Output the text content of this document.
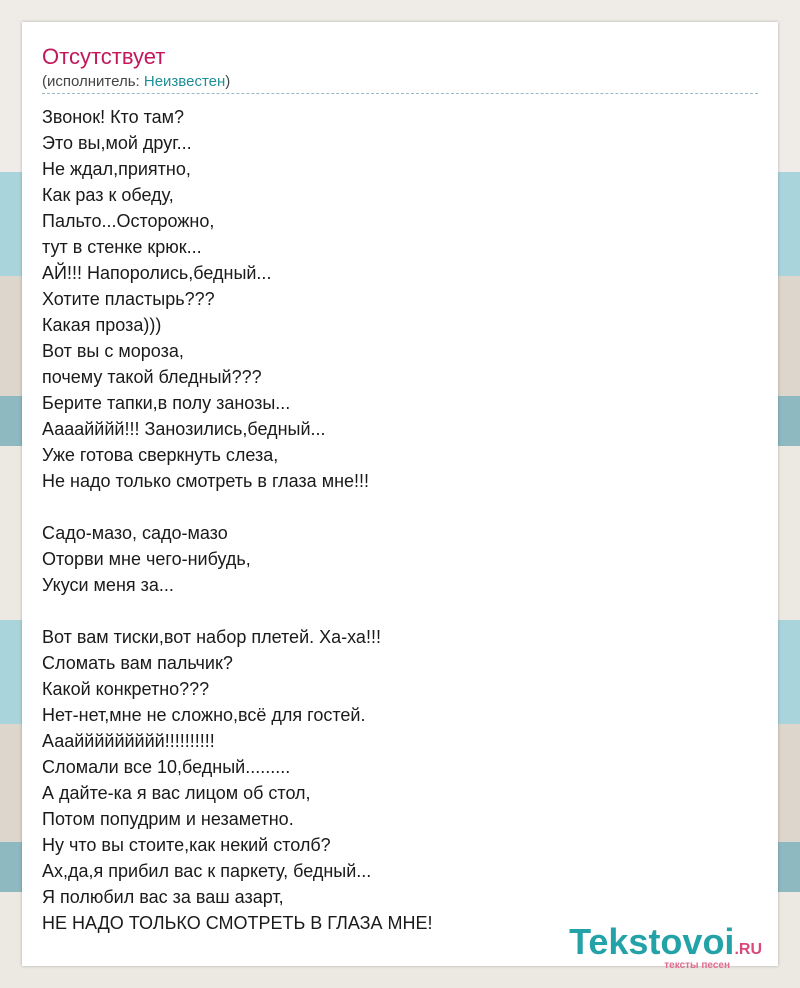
Отсутствует
(исполнитель: Неизвестен)
Звонок! Кто там?
Это вы,мой друг...
Не ждал,приятно,
Как раз к обеду,
Пальто...Осторожно,
тут в стенке крюк...
АЙ!!! Напоролись,бедный...
Хотите пластырь???
Какая проза)))
Вот вы с мороза,
почему такой бледный???
Берите тапки,в полу занозы...
Аааайййй!!! Занозились,бедный...
Уже готова сверкнуть слеза,
Не надо только смотреть в глаза мне!!!
Садо-мазо, садо-мазо
Оторви мне чего-нибудь,
Укуси меня за...
Вот вам тиски,вот набор плетей. Ха-ха!!!
Сломать вам пальчик?
Какой конкретно???
Нет-нет,мне не сложно,всё для гостей.
Аааййййййййй!!!!!!!!!!
Сломали все 10,бедный.........
А дайте-ка я вас лицом об стол,
Потом попудрим и незаметно.
Ну что вы стоите,как некий столб?
Ах,да,я прибил вас к паркету, бедный...
Я полюбил вас за ваш азарт,
НЕ НАДО ТОЛЬКО СМОТРЕТЬ В ГЛАЗА МНЕ!	Tekstovoi.RU
тексты песен
